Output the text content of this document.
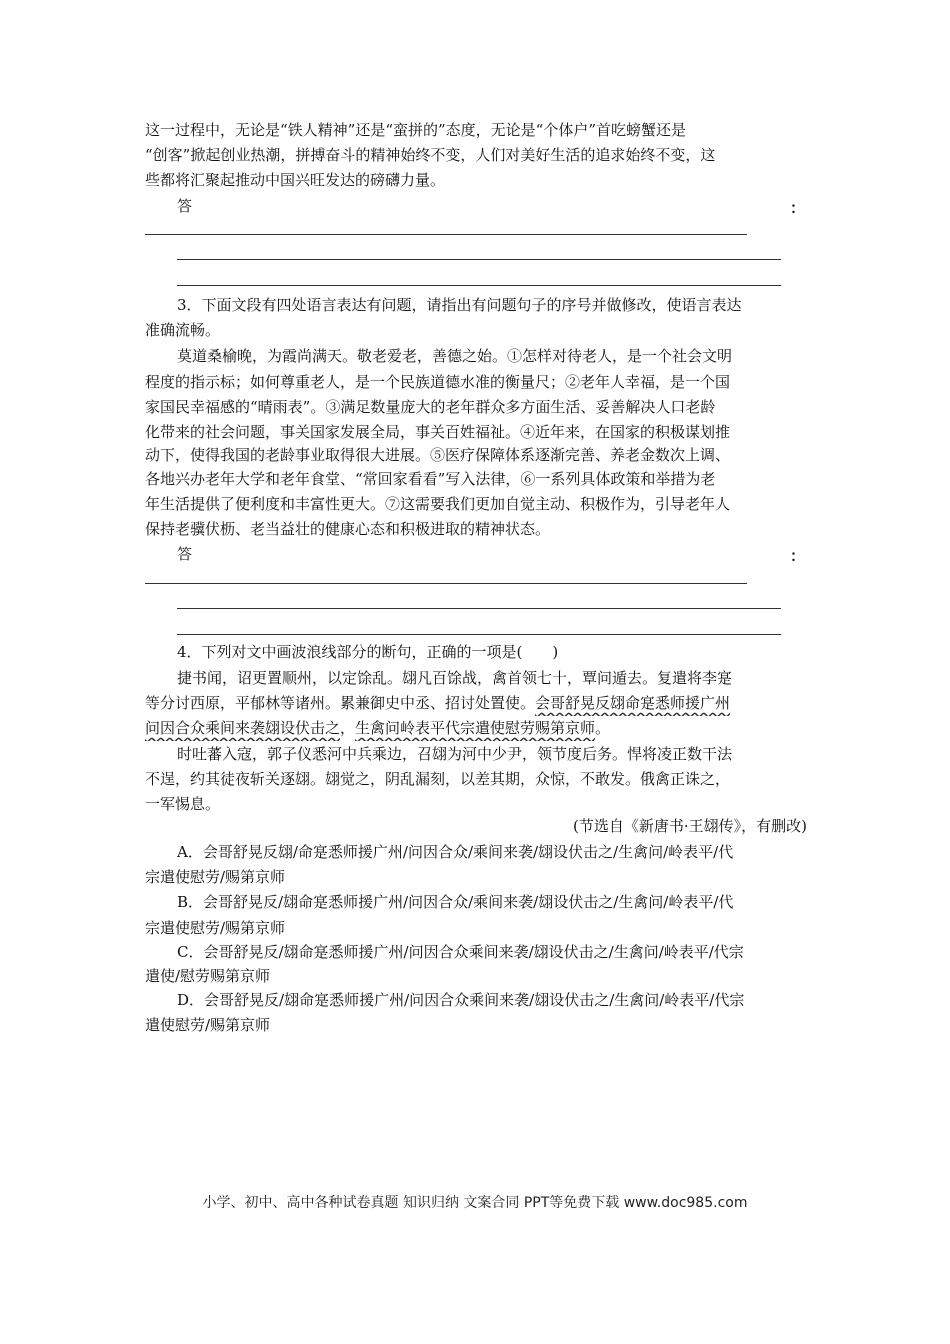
这一过程中，无论是“铁人精神”还是“蛮拼的”态度，无论是“个体户”首吃螃蟹还是
“创客”掀起创业热潮，拼搏奋斗的精神始终不变，人们对美好生活的追求始终不变，这
些都将汇聚起推动中国兴旺发达的磅礴力量。
答	：
3．下面文段有四处语言表达有问题，请指出有问题句子的序号并做修改，使语言表达
准确流畅。
莫道桑榆晚，为霞尚满天。敬老爱老，善德之始。①怎样对待老人，是一个社会文明
程度的指示标；如何尊重老人，是一个民族道德水准的衡量尺；②老年人幸福，是一个国
家国民幸福感的“晴雨表”。③满足数量庞大的老年群众多方面生活、妥善解决人口老龄
化带来的社会问题，事关国家发展全局，事关百姓福祉。④近年来，在国家的积极谋划推
动下，使得我国的老龄事业取得很大进展。⑤医疗保障体系逐渐完善、养老金数次上调、
各地兴办老年大学和老年食堂、“常回家看看”写入法律，⑥一系列具体政策和举措为老
年生活提供了便利度和丰富性更大。⑦这需要我们更加自觉主动、积极作为，引导老年人
保持老骥伏枥、老当益壮的健康心态和积极进取的精神状态。
答	：
4．下列对文中画波浪线部分的断句，正确的一项是(　　)
捷书闻，诏更置顺州，以定馀乱。翃凡百馀战，禽首领七十，覃问遁去。复遣将李寔
等分讨西原，平郁林等诸州。累兼御史中丞、招讨处置使。会哥舒晃反翃命寔悉师援广州
问因合众乘间来袭翃设伏击之，生禽问岭表平代宗遣使慰劳赐第京师。
时吐蕃入寇，郭子仪悉河中兵乘边，召翃为河中少尹，领节度后务。悍将凌正数干法
不逞，约其徒夜斩关逐翃。翃觉之，阴乱漏刻，以差其期，众惊，不敢发。俄禽正诛之，
一军惕息。
(节选自《新唐书·王翃传》，有删改)
A．会哥舒晃反翃/命寔悉师援广州/问因合众/乘间来袭/翃设伏击之/生禽问/岭表平/代
宗遣使慰劳/赐第京师
B．会哥舒晃反/翃命寔悉师援广州/问因合众/乘间来袭/翃设伏击之/生禽问/岭表平/代
宗遣使慰劳/赐第京师
C．会哥舒晃反/翃命寔悉师援广州/问因合众乘间来袭/翃设伏击之/生禽问/岭表平/代宗
遣使/慰劳赐第京师
D．会哥舒晃反/翃命寔悉师援广州/问因合众乘间来袭/翃设伏击之/生禽问/岭表平/代宗
遣使慰劳/赐第京师
小学、初中、高中各种试卷真题 知识归纳 文案合同 PPT等免费下载 www.doc985.com
